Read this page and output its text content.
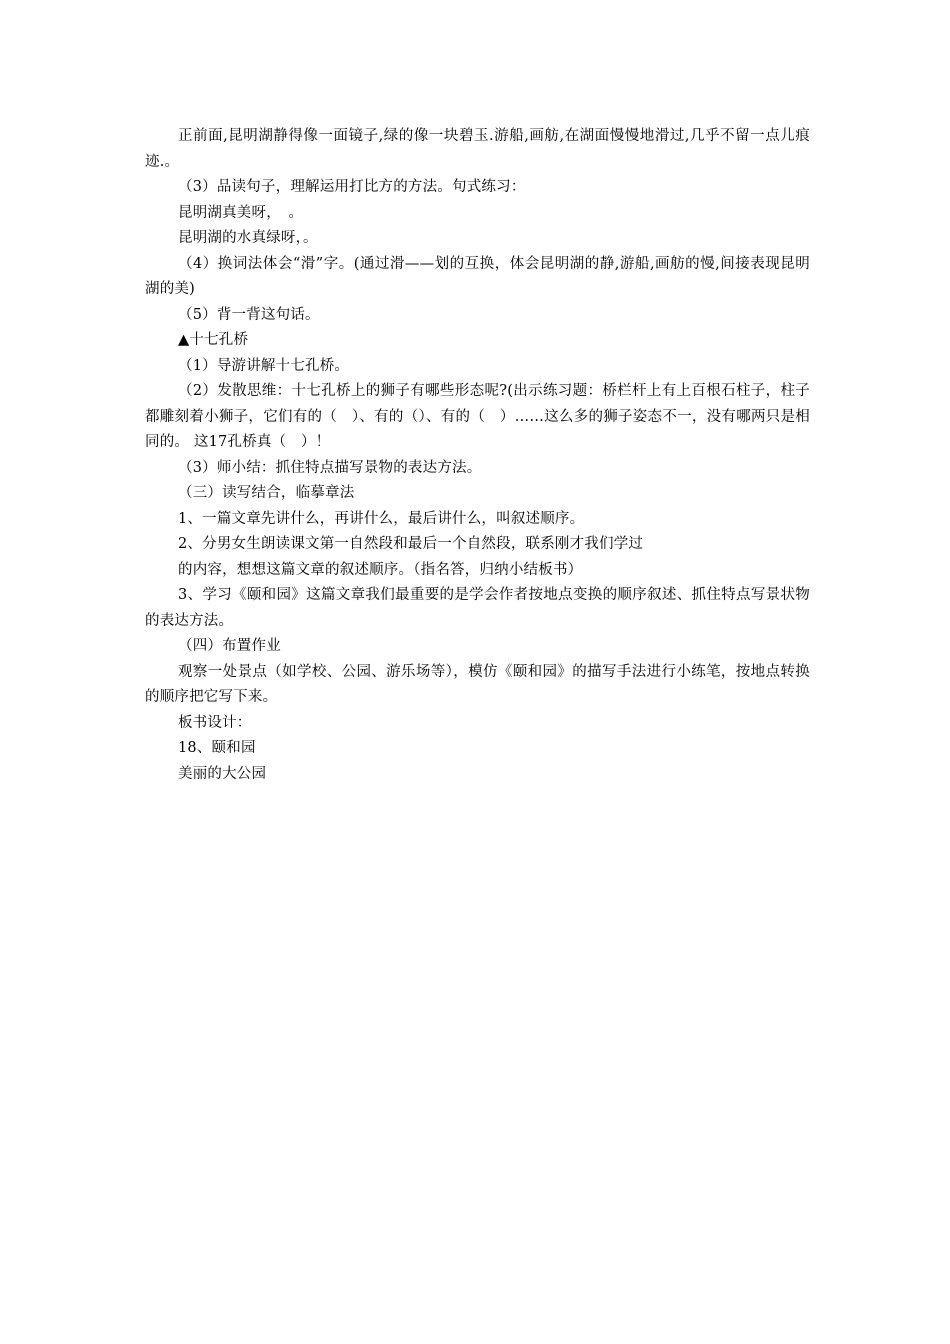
正前面,昆明湖静得像一面镜子,绿的像一块碧玉.游船,画舫,在湖面慢慢地滑过,几乎不留一点儿痕迹.。

（3）品读句子，理解运用打比方的方法。句式练习：

昆明湖真美呀，　。

昆明湖的水真绿呀，。

（4）换词法体会“滑”字。(通过滑——划的互换，体会昆明湖的静,游船,画舫的慢,间接表现昆明湖的美)

（5）背一背这句话。

▲十七孔桥

（1）导游讲解十七孔桥。

（2）发散思维：十七孔桥上的狮子有哪些形态呢?(出示练习题：桥栏杆上有上百根石柱子，柱子都雕刻着小狮子，它们有的（　）、有的（）、有的（　）……这么多的狮子姿态不一，没有哪两只是相同的。 这17孔桥真（　）！

（3）师小结：抓住特点描写景物的表达方法。

（三）读写结合，临摹章法

1、一篇文章先讲什么，再讲什么，最后讲什么，叫叙述顺序。

2、分男女生朗读课文第一自然段和最后一个自然段，联系刚才我们学过

的内容，想想这篇文章的叙述顺序。（指名答，归纳小结板书）

3、学习《颐和园》这篇文章我们最重要的是学会作者按地点变换的顺序叙述、抓住特点写景状物的表达方法。

（四）布置作业

观察一处景点（如学校、公园、游乐场等），模仿《颐和园》的描写手法进行小练笔，按地点转换的顺序把它写下来。

板书设计：

18、颐和园

美丽的大公园
